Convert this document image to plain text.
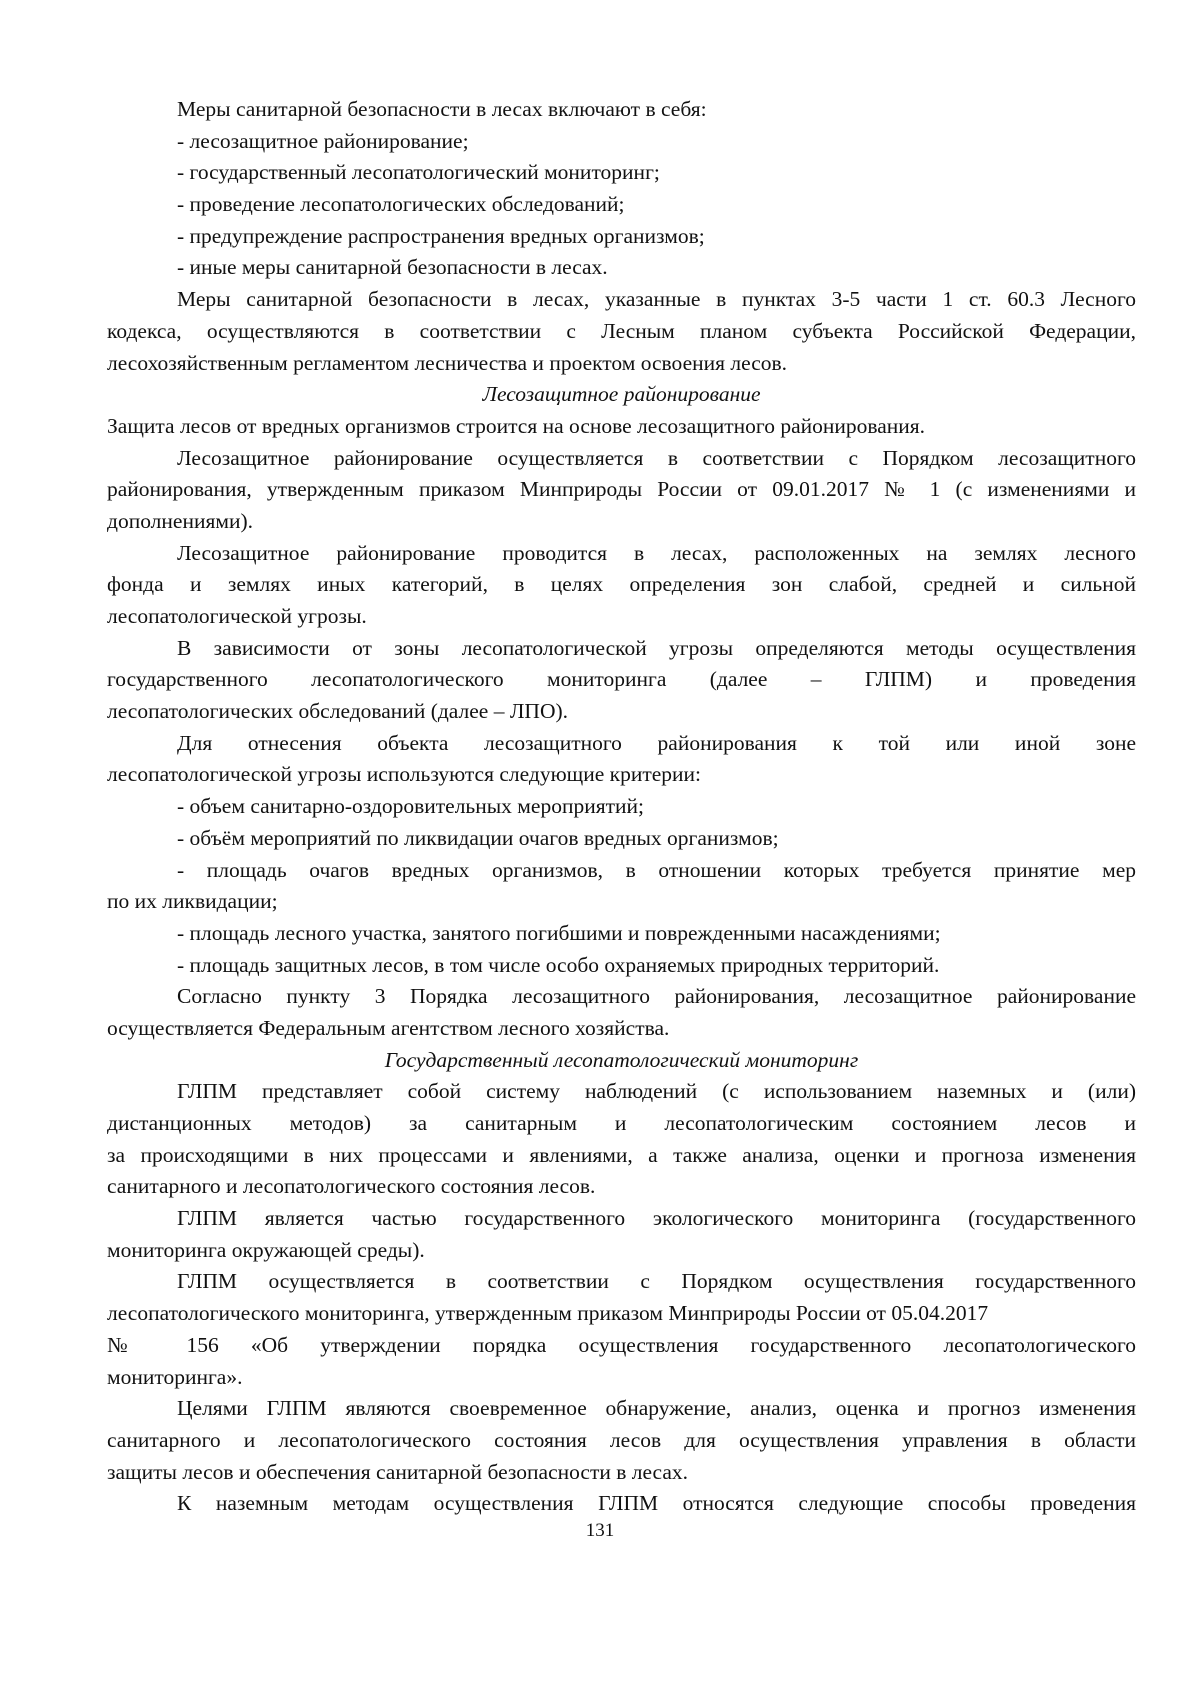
Меры санитарной безопасности в лесах включают в себя:
- лесозащитное районирование;
- государственный лесопатологический мониторинг;
- проведение лесопатологических обследований;
- предупреждение распространения вредных организмов;
- иные меры санитарной безопасности в лесах.
Меры санитарной безопасности в лесах, указанные в пунктах 3-5 части 1 ст. 60.3 Лесного
кодекса, осуществляются в соответствии с Лесным планом субъекта Российской Федерации,
лесохозяйственным регламентом лесничества и проектом освоения лесов.
Лесозащитное районирование
Защита лесов от вредных организмов строится на основе лесозащитного районирования.
Лесозащитное районирование осуществляется в соответствии с Порядком лесозащитного
районирования, утвержденным приказом Минприроды России от 09.01.2017 № 1 (с изменениями и
дополнениями).
Лесозащитное районирование проводится в лесах, расположенных на землях лесного
фонда и землях иных категорий, в целях определения зон слабой, средней и сильной
лесопатологической угрозы.
В зависимости от зоны лесопатологической угрозы определяются методы осуществления
государственного лесопатологического мониторинга (далее – ГЛПМ) и проведения
лесопатологических обследований (далее – ЛПО).
Для отнесения объекта лесозащитного районирования к той или иной зоне
лесопатологической угрозы используются следующие критерии:
- объем санитарно-оздоровительных мероприятий;
- объём мероприятий по ликвидации очагов вредных организмов;
- площадь очагов вредных организмов, в отношении которых требуется принятие мер
по их ликвидации;
- площадь лесного участка, занятого погибшими и поврежденными насаждениями;
- площадь защитных лесов, в том числе особо охраняемых природных территорий.
Согласно пункту 3 Порядка лесозащитного районирования, лесозащитное районирование
осуществляется Федеральным агентством лесного хозяйства.
Государственный лесопатологический мониторинг
ГЛПМ представляет собой систему наблюдений (с использованием наземных и (или)
дистанционных методов) за санитарным и лесопатологическим состоянием лесов и
за происходящими в них процессами и явлениями, а также анализа, оценки и прогноза изменения
санитарного и лесопатологического состояния лесов.
ГЛПМ является частью государственного экологического мониторинга (государственного
мониторинга окружающей среды).
ГЛПМ осуществляется в соответствии с Порядком осуществления государственного
лесопатологического мониторинга, утвержденным приказом Минприроды России от 05.04.2017
№ 156 «Об утверждении порядка осуществления государственного лесопатологического
мониторинга».
Целями ГЛПМ являются своевременное обнаружение, анализ, оценка и прогноз изменения
санитарного и лесопатологического состояния лесов для осуществления управления в области
защиты лесов и обеспечения санитарной безопасности в лесах.
К наземным методам осуществления ГЛПМ относятся следующие способы проведения
131
